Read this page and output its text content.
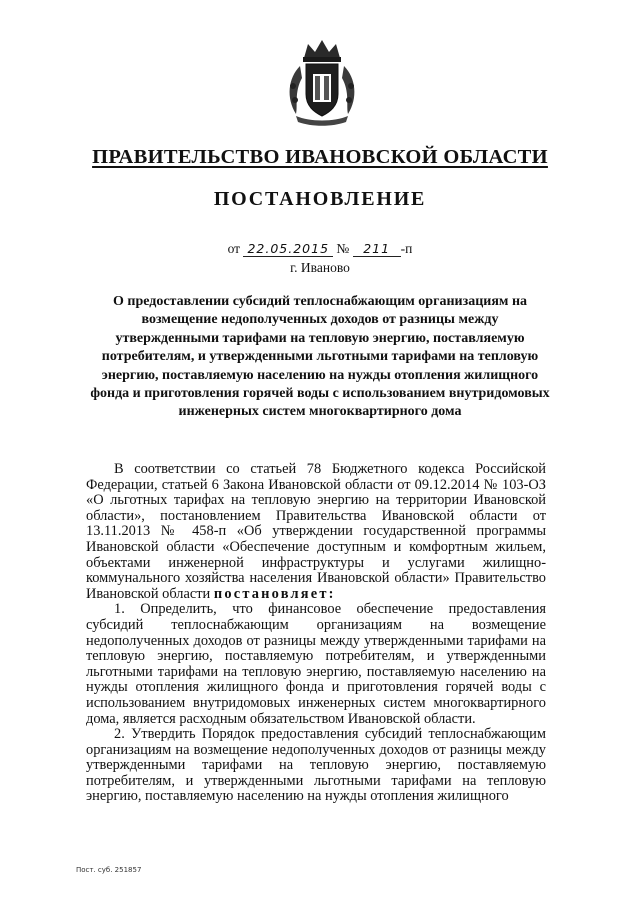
ПРАВИТЕЛЬСТВО ИВАНОВСКОЙ ОБЛАСТИ
ПОСТАНОВЛЕНИЕ
от 22.05.2015 № 211 -п
г. Иваново
О предоставлении субсидий теплоснабжающим организациям на возмещение недополученных доходов от разницы между утвержденными тарифами на тепловую энергию, поставляемую потребителям, и утвержденными льготными тарифами на тепловую энергию, поставляемую населению на нужды отопления жилищного фонда и приготовления горячей воды с использованием внутридомовых инженерных систем многоквартирного дома

В соответствии со статьей 78 Бюджетного кодекса Российской Федерации, статьей 6 Закона Ивановской области от 09.12.2014 № 103-ОЗ «О льготных тарифах на тепловую энергию на территории Ивановской области», постановлением Правительства Ивановской области от 13.11.2013 № 458-п «Об утверждении государственной программы Ивановской области «Обеспечение доступным и комфортным жильем, объектами инженерной инфраструктуры и услугами жилищно-коммунального хозяйства населения Ивановской области» Правительство Ивановской области постановляет:

1. Определить, что финансовое обеспечение предоставления субсидий теплоснабжающим организациям на возмещение недополученных доходов от разницы между утвержденными тарифами на тепловую энергию, поставляемую потребителям, и утвержденными льготными тарифами на тепловую энергию, поставляемую населению на нужды отопления жилищного фонда и приготовления горячей воды с использованием внутридомовых инженерных систем многоквартирного дома, является расходным обязательством Ивановской области.

2. Утвердить Порядок предоставления субсидий теплоснабжающим организациям на возмещение недополученных доходов от разницы между утвержденными тарифами на тепловую энергию, поставляемую потребителям, и утвержденными льготными тарифами на тепловую энергию, поставляемую населению на нужды отопления жилищного

Пост. суб. 251857
